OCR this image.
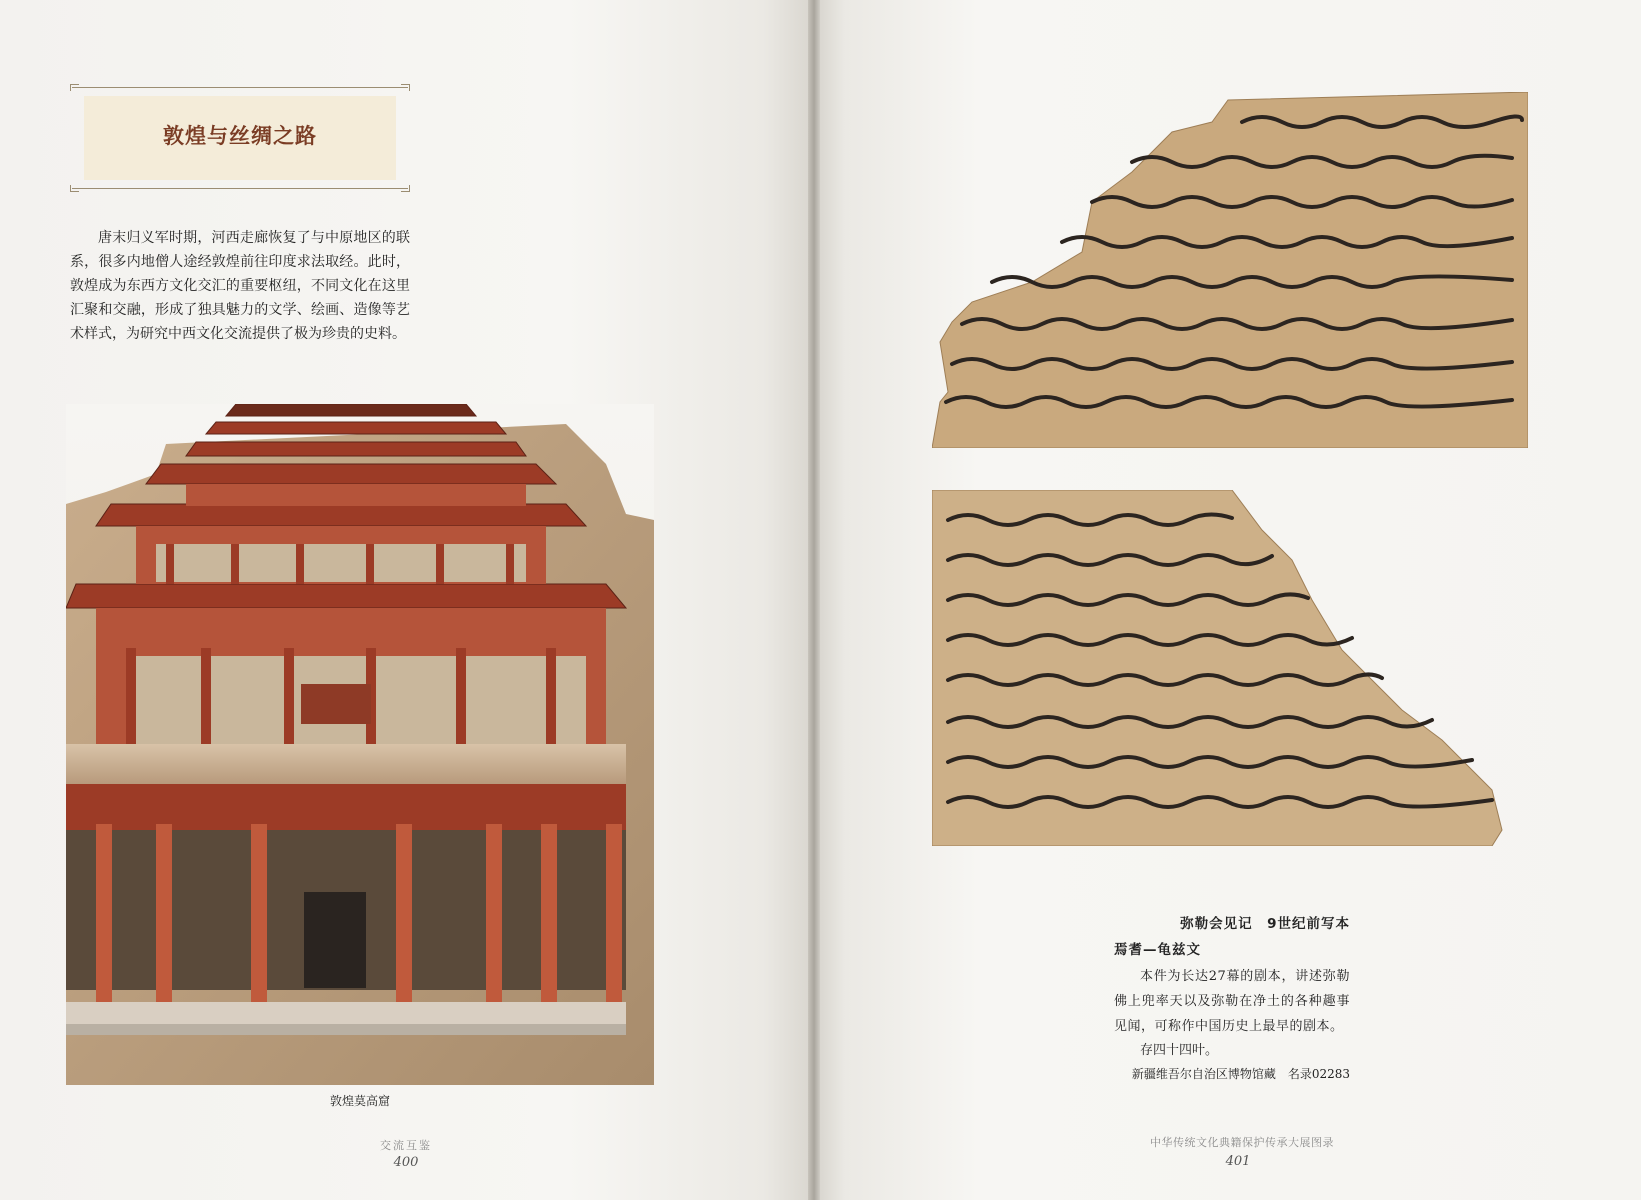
敦煌与丝绸之路

唐末归义军时期，河西走廊恢复了与中原地区的联系，很多内地僧人途经敦煌前往印度求法取经。此时，敦煌成为东西方文化交汇的重要枢纽，不同文化在这里汇聚和交融，形成了独具魅力的文学、绘画、造像等艺术样式，为研究中西文化交流提供了极为珍贵的史料。

敦煌莫高窟
交流互鉴
400

弥勒会见记　9世纪前写本

焉耆—龟兹文

本件为长达27幕的剧本，讲述弥勒佛上兜率天以及弥勒在净土的各种趣事见闻，可称作中国历史上最早的剧本。

存四十四叶。

新疆维吾尔自治区博物馆藏　名录02283

中华传统文化典籍保护传承大展图录
401
